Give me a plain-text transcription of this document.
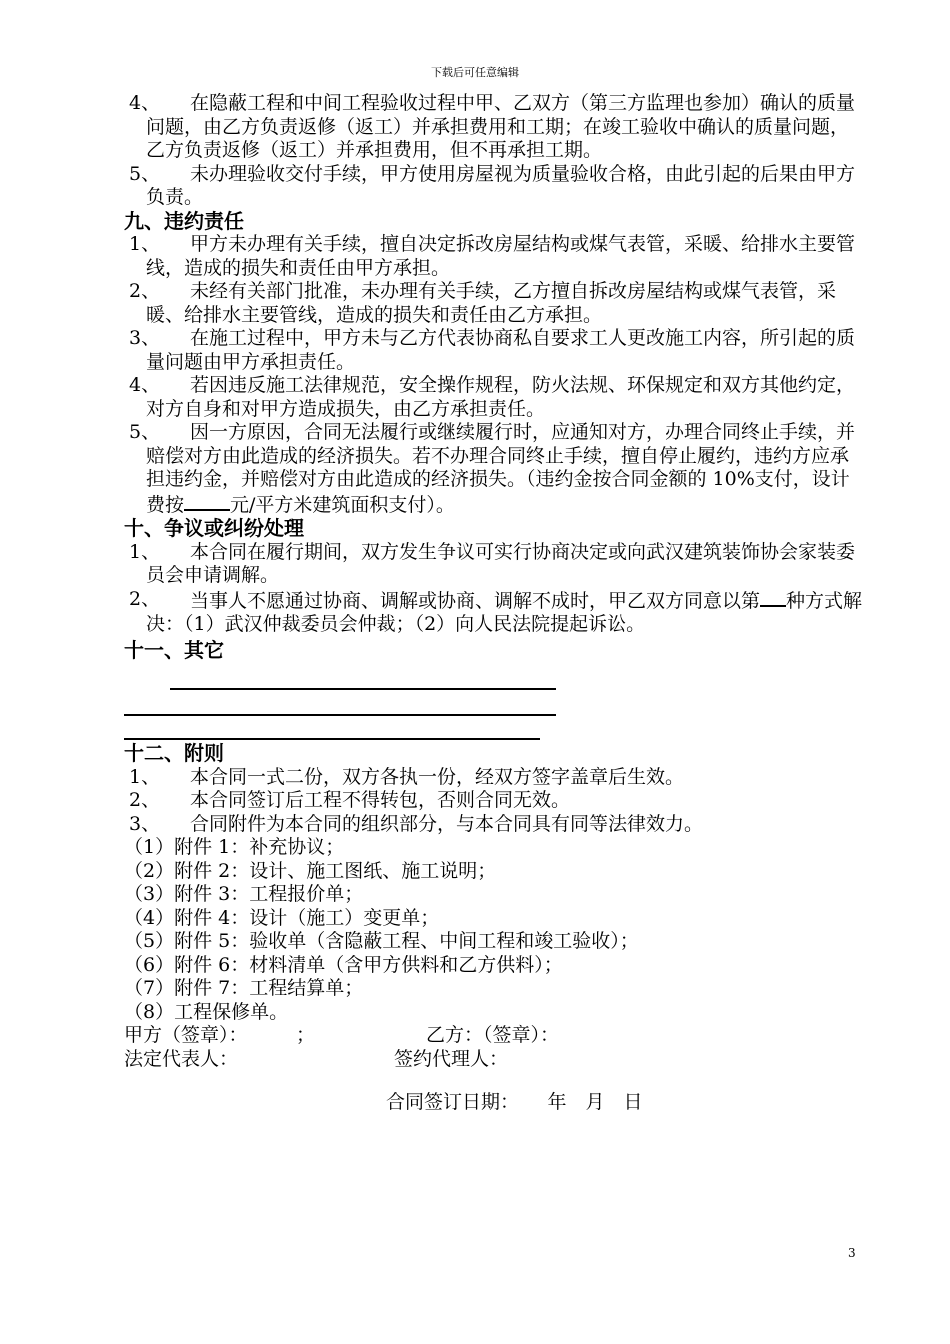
下载后可任意编辑
4、 在隐蔽工程和中间工程验收过程中甲、乙双方（第三方监理也参加）确认的质量问题，由乙方负责返修（返工）并承担费用和工期；在竣工验收中确认的质量问题，乙方负责返修（返工）并承担费用，但不再承担工期。
5、 未办理验收交付手续，甲方使用房屋视为质量验收合格，由此引起的后果由甲方负责。
九、违约责任
1、 甲方未办理有关手续，擅自决定拆改房屋结构或煤气表管，采暖、给排水主要管线，造成的损失和责任由甲方承担。
2、 未经有关部门批准，未办理有关手续，乙方擅自拆改房屋结构或煤气表管，采暖、给排水主要管线，造成的损失和责任由乙方承担。
3、 在施工过程中，甲方未与乙方代表协商私自要求工人更改施工内容，所引起的质量问题由甲方承担责任。
4、 若因违反施工法律规范，安全操作规程，防火法规、环保规定和双方其他约定，对方自身和对甲方造成损失，由乙方承担责任。
5、 因一方原因，合同无法履行或继续履行时，应通知对方，办理合同终止手续，并赔偿对方由此造成的经济损失。若不办理合同终止手续，擅自停止履约，违约方应承担违约金，并赔偿对方由此造成的经济损失。（违约金按合同金额的 10%支付，设计费按 元/平方米建筑面积支付）。
十、争议或纠纷处理
1、 本合同在履行期间，双方发生争议可实行协商决定或向武汉建筑装饰协会家装委员会申请调解。
2、 当事人不愿通过协商、调解或协商、调解不成时，甲乙双方同意以第 种方式解决：（1）武汉仲裁委员会仲裁；（2）向人民法院提起诉讼。
十一、其它
十二、附则
1、 本合同一式二份，双方各执一份，经双方签字盖章后生效。
2、 本合同签订后工程不得转包，否则合同无效。
3、 合同附件为本合同的组织部分，与本合同具有同等法律效力。
（1）附件 1：补充协议；
（2）附件 2：设计、施工图纸、施工说明；
（3）附件 3：工程报价单；
（4）附件 4：设计（施工）变更单；
（5）附件 5：验收单（含隐蔽工程、中间工程和竣工验收）；
（6）附件 6：材料清单（含甲方供料和乙方供料）；
（7）附件 7：工程结算单；
（8）工程保修单。
甲方（签章）：	；	乙方：（签章）：
法定代表人：	签约代理人：
合同签订日期：　　年　月　日
3
